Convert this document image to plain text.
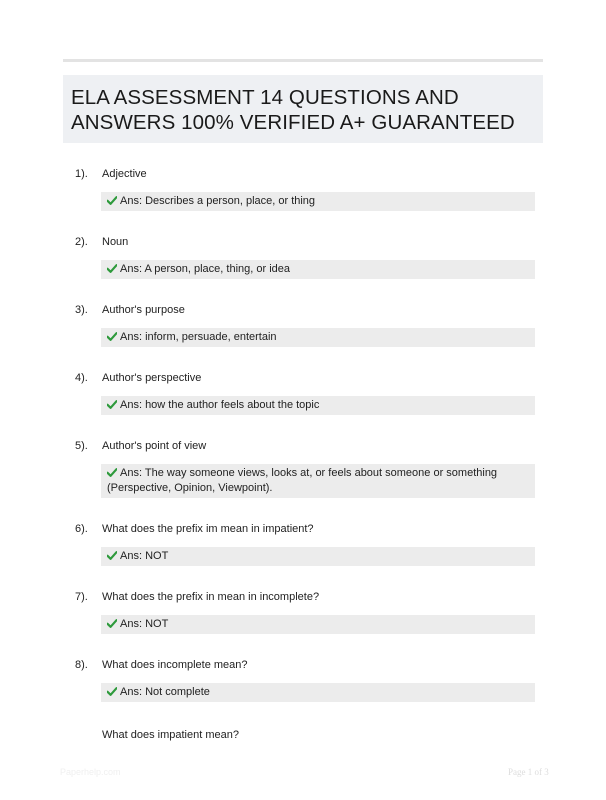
ELA ASSESSMENT 14 QUESTIONS AND ANSWERS 100% VERIFIED A+ GUARANTEED
1).	Adjective
Ans: Describes a person, place, or thing
2).	Noun
Ans: A person, place, thing, or idea
3).	Author's purpose
Ans: inform, persuade, entertain
4).	Author's perspective
Ans: how the author feels about the topic
5).	Author's point of view
Ans: The way someone views, looks at, or feels about someone or something (Perspective, Opinion, Viewpoint).
6).	What does the prefix im mean in impatient?
Ans: NOT
7).	What does the prefix in mean in incomplete?
Ans: NOT
8).	What does incomplete mean?
Ans: Not complete
What does impatient mean?
Paperhelp.com	Page 1 of 3
